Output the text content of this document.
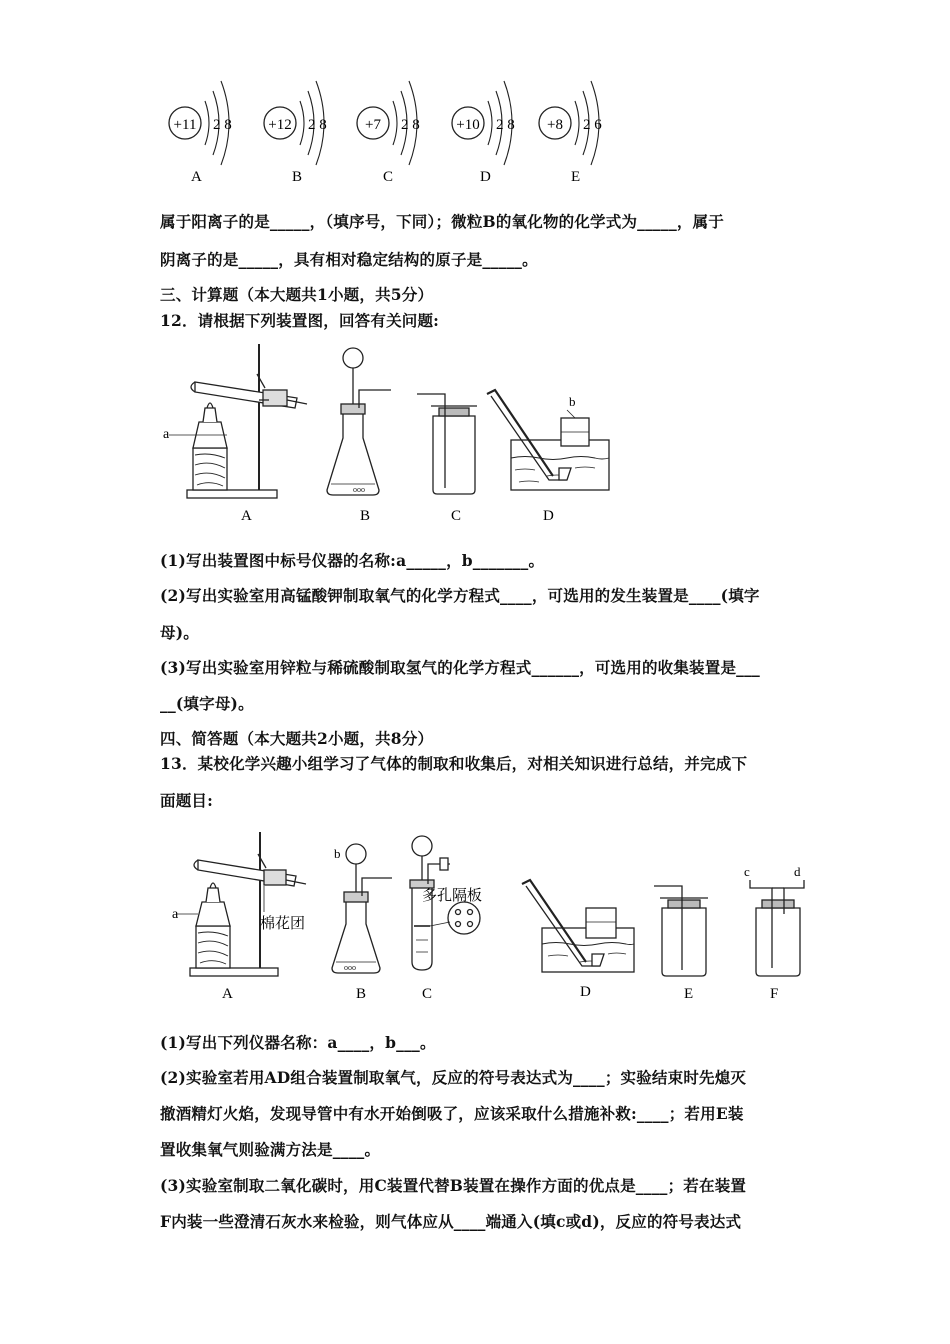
+11 2 8
A
+12 2 8
B
+7 2 8
C
+10 2 8
D
+8 2 6
E
属于阳离子的是_____，（填序号，下同）；微粒B的氧化物的化学式为_____，属于
阴离子的是_____，具有相对稳定结构的原子是_____。
三、计算题（本大题共1小题，共5分）
12．请根据下列装置图，回答有关问题:
a
A
ооо
B	C
b
D
(1)写出装置图中标号仪器的名称:a_____，b_______。
(2)写出实验室用高锰酸钾制取氧气的化学方程式____，可选用的发生装置是____(填字
母)。
(3)写出实验室用锌粒与稀硫酸制取氢气的化学方程式______，可选用的收集装置是___
__(填字母)。
四、简答题（本大题共2小题，共8分）
13．某校化学兴趣小组学习了气体的制取和收集后，对相关知识进行总结，并完成下
面题目:
a
棉花团
A
ооо
b
B
多孔隔板
C	D	E
c	d
F
(1)写出下列仪器名称：a____，b___。
(2)实验室若用AD组合装置制取氧气，反应的符号表达式为____；实验结束时先熄灭
撤酒精灯火焰，发现导管中有水开始倒吸了，应该采取什么措施补救:____；若用E装
置收集氧气则验满方法是____。
(3)实验室制取二氧化碳时，用C装置代替B装置在操作方面的优点是____；若在装置
F内装一些澄清石灰水来检验，则气体应从____端通入(填c或d)，反应的符号表达式
